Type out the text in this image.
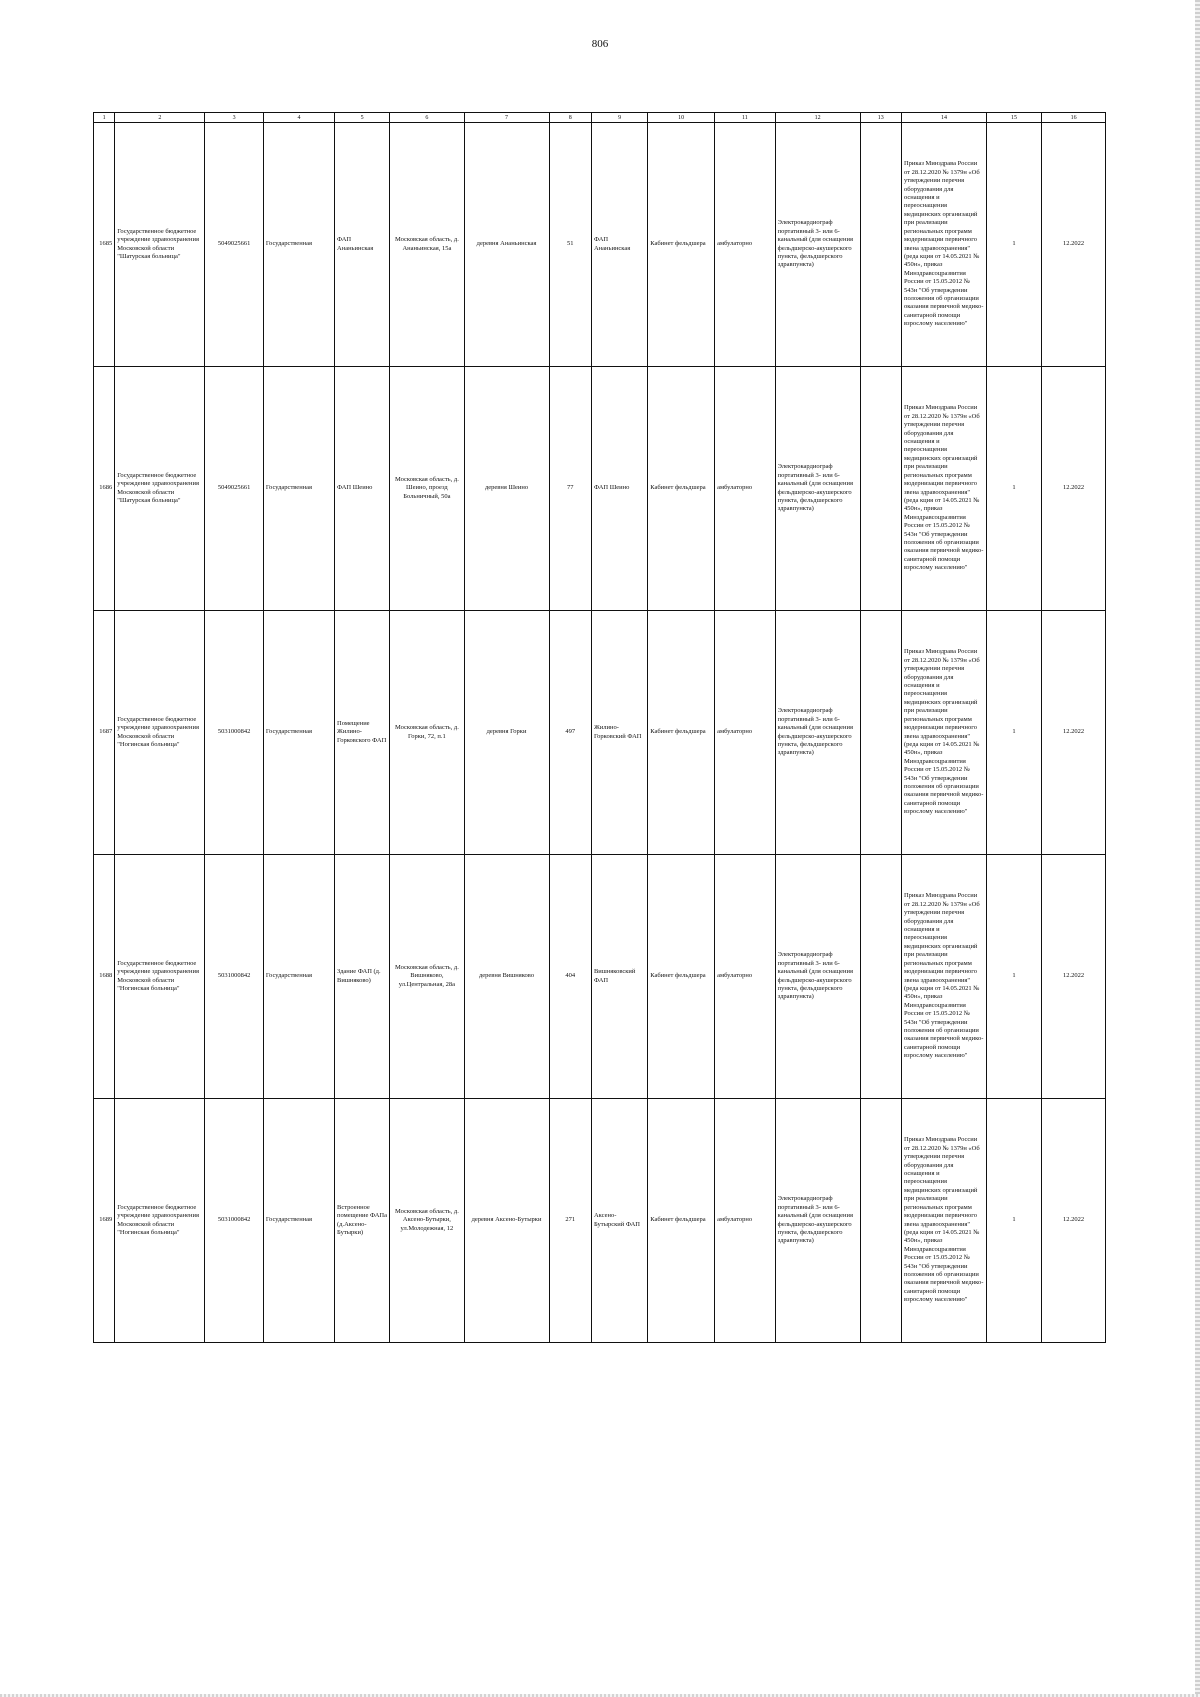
806
1	2	3	4	5	6	7	8	9	10	11	12	13	14	15	16
1685	Государственное бюджетное учреждение здравоохранения Московской области "Шатурская больница"	5049025661	Государственная	ФАП Ананьинская	Московская область, д. Ананьинская, 15а	деревня Ананьинская	51	ФАП Ананьинская	Кабинет фельдшера	амбулаторно	Электрокардиограф портативный 3- или 6-канальный (для оснащения фельдшерско-акушерского пункта, фельдшерского здравпункта)		Приказ Минздрава России от 28.12.2020 № 1379н «Об утверждении перечня оборудования для оснащения и переоснащения медицинских организаций при реализации региональных программ модернизации первичного звена здравоохранения"(реда кция от 14.05.2021 № 450н», приказ Минздравсоцразвития России от 15.05.2012 № 543н "Об утверждении положения об организации оказания первичной медико-санитарной помощи взрослому населению"	1	12.2022
1686	Государственное бюджетное учреждение здравоохранения Московской области "Шатурская больница"	5049025661	Государственная	ФАП Шеино	Московская область, д. Шеино, проезд Больничный, 50а	деревня Шеино	77	ФАП Шеино	Кабинет фельдшера	амбулаторно	Электрокардиограф портативный 3- или 6-канальный (для оснащения фельдшерско-акушерского пункта, фельдшерского здравпункта)		Приказ Минздрава России от 28.12.2020 № 1379н «Об утверждении перечня оборудования для оснащения и переоснащения медицинских организаций при реализации региональных программ модернизации первичного звена здравоохранения"(реда кция от 14.05.2021 № 450н», приказ Минздравсоцразвития России от 15.05.2012 № 543н "Об утверждении положения об организации оказания первичной медико-санитарной помощи взрослому населению"	1	12.2022
1687	Государственное бюджетное учреждение здравоохранения Московской области "Ногинская больница"	5031000842	Государственная	Помещение Жилино-Горковского ФАП	Московская область, д. Горки, 72, п.1	деревня Горки	497	Жилино-Горковский ФАП	Кабинет фельдшера	амбулаторно	Электрокардиограф портативный 3- или 6-канальный (для оснащения фельдшерско-акушерского пункта, фельдшерского здравпункта)		Приказ Минздрава России от 28.12.2020 № 1379н «Об утверждении перечня оборудования для оснащения и переоснащения медицинских организаций при реализации региональных программ модернизации первичного звена здравоохранения"(реда кция от 14.05.2021 № 450н», приказ Минздравсоцразвития России от 15.05.2012 № 543н "Об утверждении положения об организации оказания первичной медико-санитарной помощи взрослому населению"	1	12.2022
1688	Государственное бюджетное учреждение здравоохранения Московской области "Ногинская больница"	5031000842	Государственная	Здание ФАП (д. Вишняково)	Московская область, д. Вишняково, ул.Центральная, 28а	деревня Вишняково	404	Вишняковский ФАП	Кабинет фельдшера	амбулаторно	Электрокардиограф портативный 3- или 6-канальный (для оснащения фельдшерско-акушерского пункта, фельдшерского здравпункта)		Приказ Минздрава России от 28.12.2020 № 1379н «Об утверждении перечня оборудования для оснащения и переоснащения медицинских организаций при реализации региональных программ модернизации первичного звена здравоохранения"(реда кция от 14.05.2021 № 450н», приказ Минздравсоцразвития России от 15.05.2012 № 543н "Об утверждении положения об организации оказания первичной медико-санитарной помощи взрослому населению"	1	12.2022
1689	Государственное бюджетное учреждение здравоохранения Московской области "Ногинская больница"	5031000842	Государственная	Встроенное помещение ФАПа (д.Аксено-Бутырки)	Московская область, д. Аксено-Бутырки, ул.Молодежная, 12	деревня Аксено-Бутырки	271	Аксено-Бутырский ФАП	Кабинет фельдшера	амбулаторно	Электрокардиограф портативный 3- или 6-канальный (для оснащения фельдшерско-акушерского пункта, фельдшерского здравпункта)		Приказ Минздрава России от 28.12.2020 № 1379н «Об утверждении перечня оборудования для оснащения и переоснащения медицинских организаций при реализации региональных программ модернизации первичного звена здравоохранения"(реда кция от 14.05.2021 № 450н», приказ Минздравсоцразвития России от 15.05.2012 № 543н "Об утверждении положения об организации оказания первичной медико-санитарной помощи взрослому населению"	1	12.2022
